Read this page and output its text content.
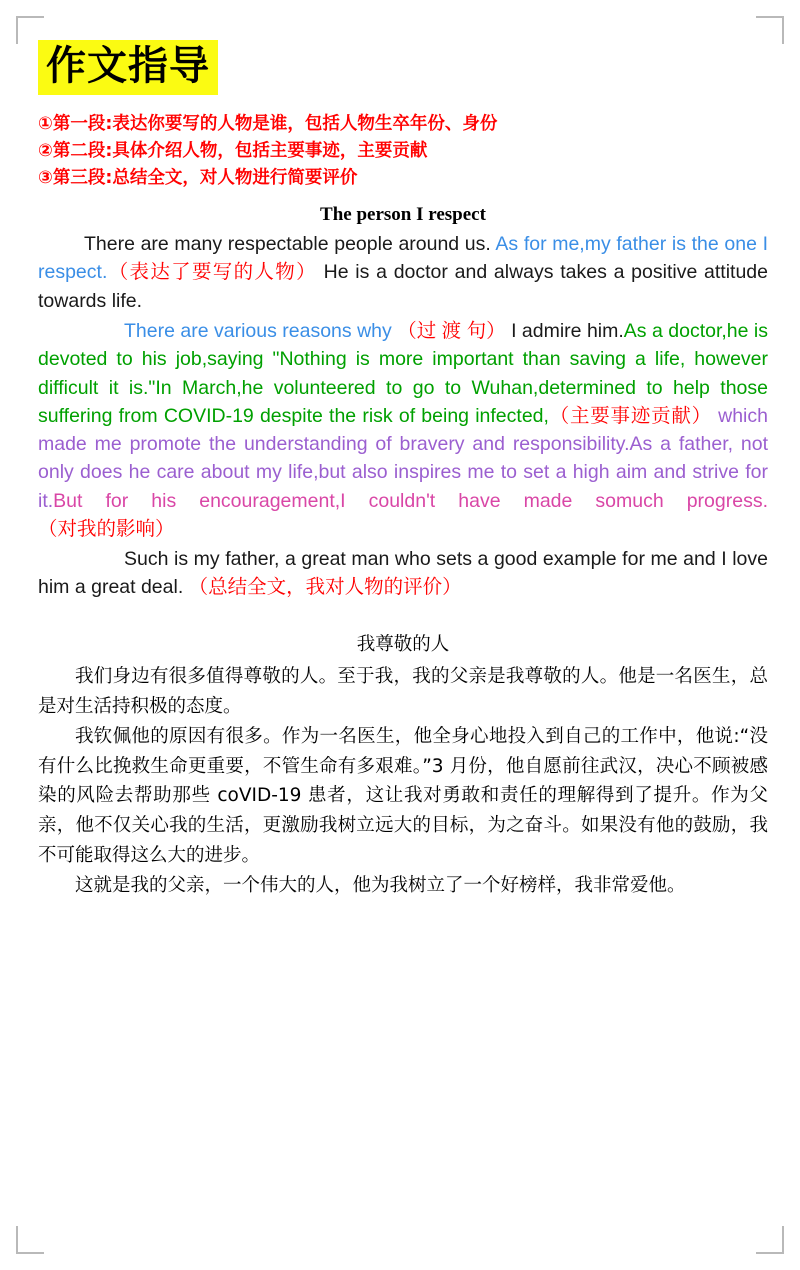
作文指导
①第一段:表达你要写的人物是谁，包括人物生卒年份、身份
②第二段:具体介绍人物，包括主要事迹，主要贡献
③第三段:总结全文，对人物进行简要评价
The person I respect

There are many respectable people around us. As for me,my father is the one I respect.（表达了要写的人物） He is a doctor and always takes a positive attitude towards life.

There are various reasons why （过 渡 句） I admire him.As a doctor,he is devoted to his job,saying "Nothing is more important than saving a life, however difficult it is."In March,he volunteered to go to Wuhan,determined to help those suffering from COVID-19 despite the risk of being infected,（主要事迹贡献） which made me promote the understanding of bravery and responsibility.As a father, not only does he care about my life,but also inspires me to set a high aim and strive for it.But for his encouragement,I couldn't have made somuch progress. （对我的影响）

Such is my father, a great man who sets a good example for me and I love him a great deal. （总结全文，我对人物的评价）

我尊敬的人

我们身边有很多值得尊敬的人。至于我，我的父亲是我尊敬的人。他是一名医生，总是对生活持积极的态度。

我钦佩他的原因有很多。作为一名医生，他全身心地投入到自己的工作中，他说:“没有什么比挽救生命更重要，不管生命有多艰难。”3 月份，他自愿前往武汉，决心不顾被感染的风险去帮助那些 coVID-19 患者，这让我对勇敢和责任的理解得到了提升。作为父亲，他不仅关心我的生活，更激励我树立远大的目标，为之奋斗。如果没有他的鼓励，我不可能取得这么大的进步。

这就是我的父亲，一个伟大的人，他为我树立了一个好榜样，我非常爱他。
